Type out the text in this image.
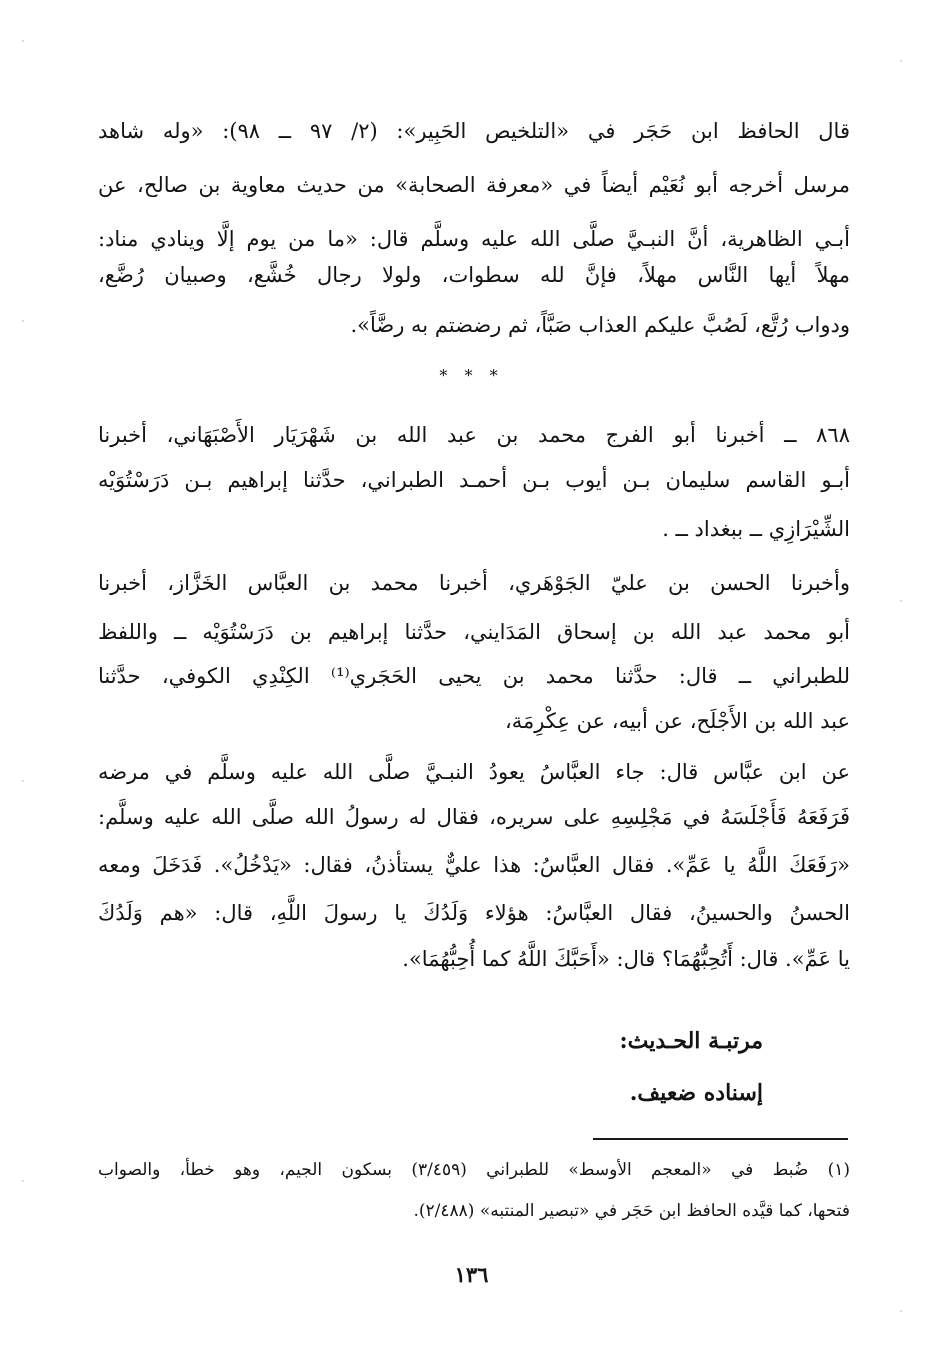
قال الحافظ ابن حَجَر في «التلخيص الحَبِير»: (٢/ ٩٧ ــ ٩٨): «وله شاهد
مرسل أخرجه أبو نُعَيْم أيضاً في «معرفة الصحابة» من حديث معاوية بن صالح، عن
أبـي الظاهرية، أنَّ النبـيَّ صلَّى الله عليه وسلَّم قال: «ما من يوم إلَّا وينادي مناد:
مهلاً أيها النَّاس مهلاً، فإنَّ لله سطوات، ولولا رجال خُشَّع، وصبيان رُضَّع،
ودواب رُتَّع، لَصُبَّ عليكم العذاب صَبَّاً، ثم رضضتم به رضَّاً».
* * *
٨٦٨ ــ أخبرنا أبو الفرج محمد بن عبد الله بن شَهْرَيَار الأَصْبَهَاني، أخبرنا
أبـو القاسم سليمان بـن أيوب بـن أحمـد الطبراني، حدَّثنا إبراهيم بـن دَرَسْتُوَيْه
الشِّيْرَازِي ــ ببغداد ــ .
وأخبرنا الحسن بن عليّ الجَوْهَري، أخبرنا محمد بن العبَّاس الخَزَّاز، أخبرنا
أبو محمد عبد الله بن إسحاق المَدَايني، حدَّثنا إبراهيم بن دَرَسْتُوَيْه ــ واللفظ
للطبراني ــ قال: حدَّثنا محمد بن يحيى الحَجَري⁽¹⁾ الكِنْدِي الكوفي، حدَّثنا
عبد الله بن الأَجْلَح، عن أبيه، عن عِكْرِمَة،
عن ابن عبَّاس قال: جاء العبَّاسُ يعودُ النبـيَّ صلَّى الله عليه وسلَّم في مرضه
فَرَفَعَهُ فَأَجْلَسَهُ في مَجْلِسِهِ على سريره، فقال له رسولُ الله صلَّى الله عليه وسلَّم:
«رَفَعَكَ اللَّهُ يا عَمِّ». فقال العبَّاسُ: هذا عليٌّ يستأذنُ، فقال: «يَدْخُلُ». فَدَخَلَ ومعه
الحسنُ والحسينُ، فقال العبَّاسُ: هؤلاء وَلَدُكَ يا رسولَ اللَّهِ، قال: «هم وَلَدُكَ
يا عَمِّ». قال: أَتُحِبُّهُمَا؟ قال: «أَحَبَّكَ اللَّهُ كما أُحِبُّهُمَا».
مرتبـة الحـديث:
إسناده ضعيف.
(١) ضُبط في «المعجم الأوسط» للطبراني (٣/٤٥٩) بسكون الجيم، وهو خطأ، والصواب
فتحها، كما قيَّده الحافظ ابن حَجَر في «تبصير المنتبه» (٢/٤٨٨).
١٣٦
